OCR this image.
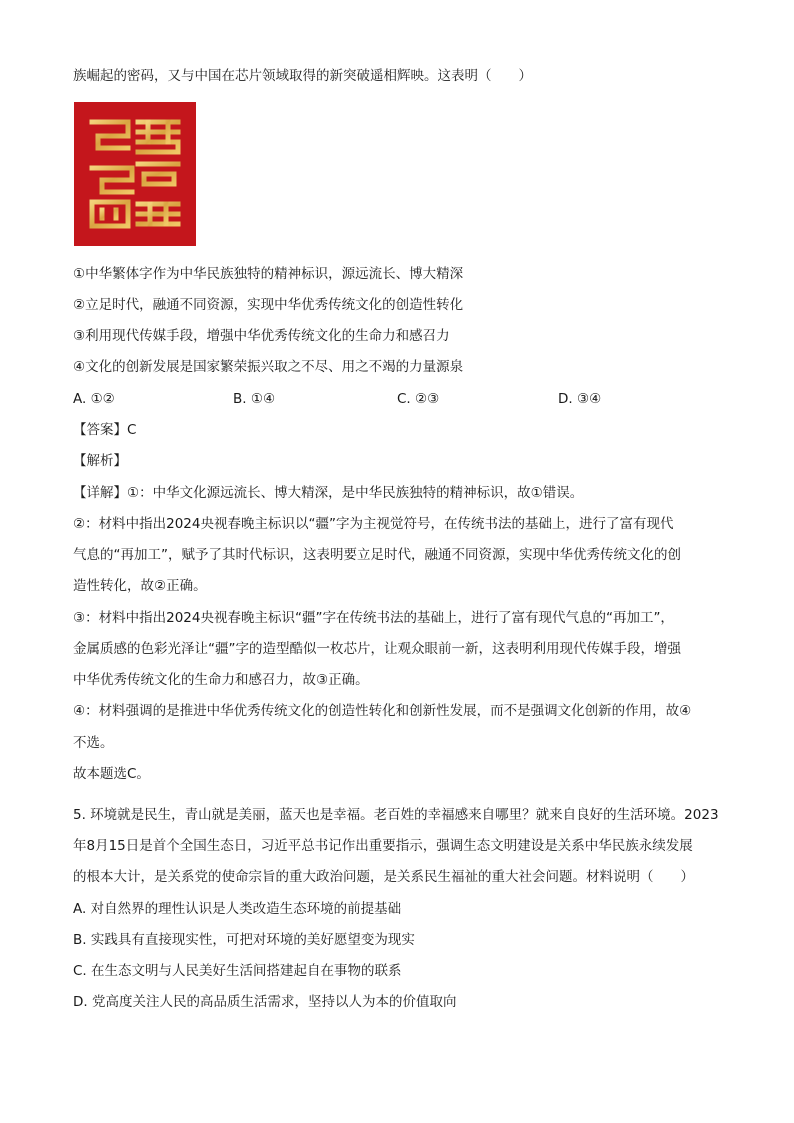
族崛起的密码，又与中国在芯片领域取得的新突破遥相辉映。这表明（　　）
①中华繁体字作为中华民族独特的精神标识，源远流长、博大精深
②立足时代，融通不同资源，实现中华优秀传统文化的创造性转化
③利用现代传媒手段，增强中华优秀传统文化的生命力和感召力
④文化的创新发展是国家繁荣振兴取之不尽、用之不竭的力量源泉
A. ①②	B. ①④	C. ②③	D. ③④
【答案】C
【解析】
【详解】①：中华文化源远流长、博大精深，是中华民族独特的精神标识，故①错误。
②：材料中指出2024央视春晚主标识以“疆”字为主视觉符号，在传统书法的基础上，进行了富有现代
气息的“再加工”，赋予了其时代标识，这表明要立足时代，融通不同资源，实现中华优秀传统文化的创
造性转化，故②正确。
③：材料中指出2024央视春晚主标识“疆”字在传统书法的基础上，进行了富有现代气息的“再加工”，
金属质感的色彩光泽让“疆”字的造型酷似一枚芯片，让观众眼前一新，这表明利用现代传媒手段，增强
中华优秀传统文化的生命力和感召力，故③正确。
④：材料强调的是推进中华优秀传统文化的创造性转化和创新性发展，而不是强调文化创新的作用，故④
不选。
故本题选C。
5. 环境就是民生，青山就是美丽，蓝天也是幸福。老百姓的幸福感来自哪里？就来自良好的生活环境。2023
年8月15日是首个全国生态日，习近平总书记作出重要指示，强调生态文明建设是关系中华民族永续发展
的根本大计，是关系党的使命宗旨的重大政治问题，是关系民生福祉的重大社会问题。材料说明（　　）
A. 对自然界的理性认识是人类改造生态环境的前提基础
B. 实践具有直接现实性，可把对环境的美好愿望变为现实
C. 在生态文明与人民美好生活间搭建起自在事物的联系
D. 党高度关注人民的高品质生活需求，坚持以人为本的价值取向
